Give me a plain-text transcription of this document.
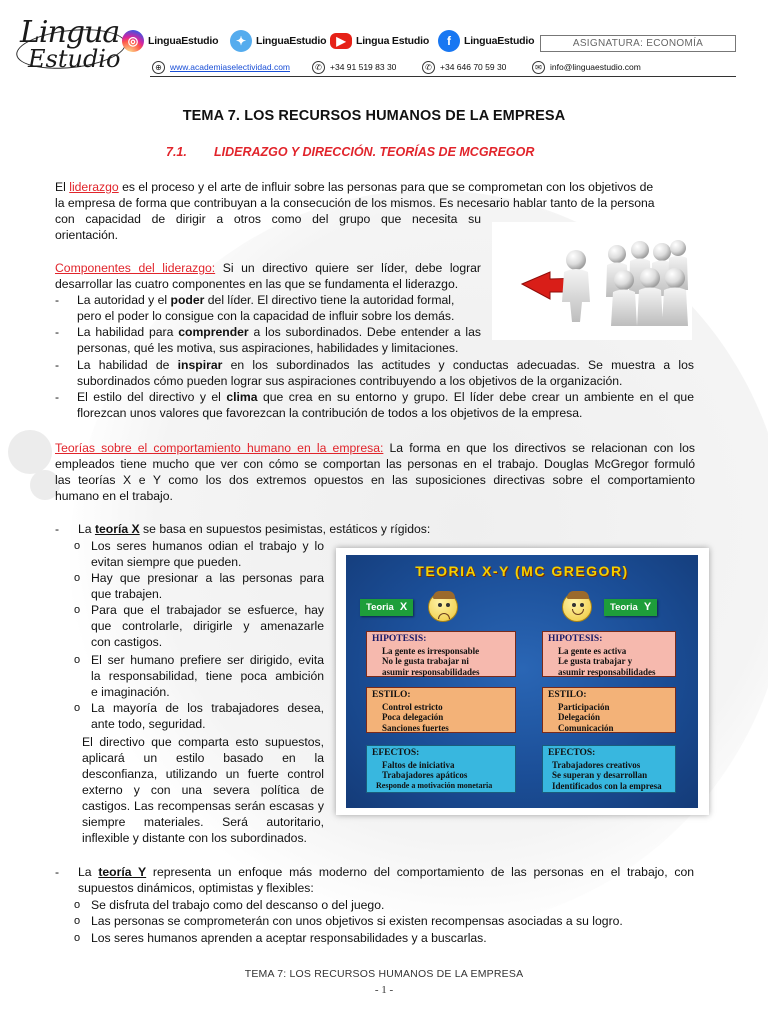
Lingua
Estudio
◎ LinguaEstudio	✦ LinguaEstudio ▶ Lingua Estudio	f	LinguaEstudio	ASIGNATURA: ECONOMÍA
⊕ www.academiaselectividad.com	✆ +34 91 519 83 30	✆ +34 646 70 59 30	✉ info@linguaestudio.com
TEMA 7. LOS RECURSOS HUMANOS DE LA EMPRESA
7.1. LIDERAZGO Y DIRECCIÓN. TEORÍAS DE MCGREGOR
El liderazgo es el proceso y el arte de influir sobre las personas para que se comprometan con los objetivos de
la empresa de forma que contribuyan a la consecución de los mismos. Es necesario hablar tanto de la persona
con capacidad de dirigir a otros como del grupo que necesita su
orientación.
Componentes del liderazgo: Si un directivo quiere ser líder, debe lograr
desarrollar las cuatro componentes en las que se fundamenta el liderazgo.
- La autoridad y el poder del líder. El directivo tiene la autoridad formal,
pero el poder lo consigue con la capacidad de influir sobre los demás.
- La habilidad para comprender a los subordinados. Debe entender a las
personas, qué les motiva, sus aspiraciones, habilidades y limitaciones.
- La habilidad de inspirar en los subordinados las actitudes y conductas adecuadas. Se muestra a los
subordinados cómo pueden lograr sus aspiraciones contribuyendo a los objetivos de la organización.
- El estilo del directivo y el clima que crea en su entorno y grupo. El líder debe crear un ambiente en el que
florezcan unos valores que favorezcan la contribución de todos a los objetivos de la empresa.
Teorías sobre el comportamiento humano en la empresa: La forma en que los directivos se relacionan con los
empleados tiene mucho que ver con cómo se comportan las personas en el trabajo. Douglas McGregor formuló
las teorías X e Y como los dos extremos opuestos en las suposiciones directivas sobre el comportamiento
humano en el trabajo.
- La teoría X se basa en supuestos pesimistas, estáticos y rígidos:
o Los seres humanos odian el trabajo y lo
evitan siempre que pueden.
o Hay que presionar a las personas para
que trabajen.
o Para que el trabajador se esfuerce, hay
que controlarle, dirigirle y amenazarle
con castigos.
o El ser humano prefiere ser dirigido, evita
la responsabilidad, tiene poca ambición
e imaginación.
o La mayoría de los trabajadores desea,
ante todo, seguridad.
El directivo que comparta esto supuestos,
aplicará un estilo basado en la
desconfianza, utilizando un fuerte control
externo y con una severa política de
castigos. Las recompensas serán escasas y
siempre materiales. Será autoritario,
inflexible y distante con los subordinados.
TEORIA X-Y (MC GREGOR)
Teoria X	Teoria Y
HIPOTESIS:
La gente es irresponsable
No le gusta trabajar ni
asumir responsabilidades
HIPOTESIS:
La gente es activa
Le gusta trabajar y
asumir responsabilidades
ESTILO:
Control estricto
Poca delegación
Sanciones fuertes
ESTILO:
Participación
Delegación
Comunicación
EFECTOS:
Faltos de iniciativa
Trabajadores apáticos
Responde a motivación monetaria
EFECTOS:
Trabajadores creativos
Se superan y desarrollan
Identificados con la empresa
- La teoría Y representa un enfoque más moderno del comportamiento de las personas en el trabajo, con
supuestos dinámicos, optimistas y flexibles:
o Se disfruta del trabajo como del descanso o del juego.
o Las personas se comprometerán con unos objetivos si existen recompensas asociadas a su logro.
o Los seres humanos aprenden a aceptar responsabilidades y a buscarlas.
TEMA 7: LOS RECURSOS HUMANOS DE LA EMPRESA
- 1 -
